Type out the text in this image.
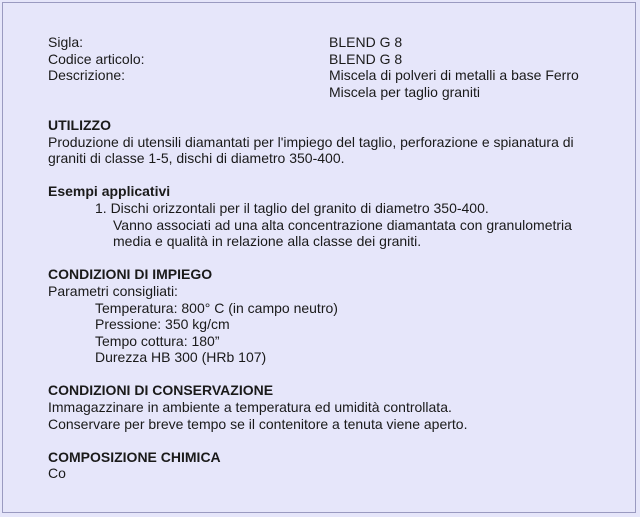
Sigla:	BLEND G 8
Codice articolo:	BLEND G 8
Descrizione:	Miscela di polveri di metalli a base Ferro
Miscela per taglio graniti

UTILIZZO

Produzione di utensili diamantati per l'impiego del taglio, perforazione e spianatura di

graniti di classe 1-5, dischi di diametro 350-400.

Esempi applicativi

1. Dischi orizzontali per il taglio del granito di diametro 350-400.

Vanno associati ad una alta concentrazione diamantata con granulometria

media e qualità in relazione alla classe dei graniti.

CONDIZIONI DI IMPIEGO

Parametri consigliati:

Temperatura: 800° C (in campo neutro)

Pressione: 350 kg/cm

Tempo cottura: 180”

Durezza HB 300 (HRb 107)

CONDIZIONI DI CONSERVAZIONE

Immagazzinare in ambiente a temperatura ed umidità controllata.

Conservare per breve tempo se il contenitore a tenuta viene aperto.

COMPOSIZIONE CHIMICA

Co
